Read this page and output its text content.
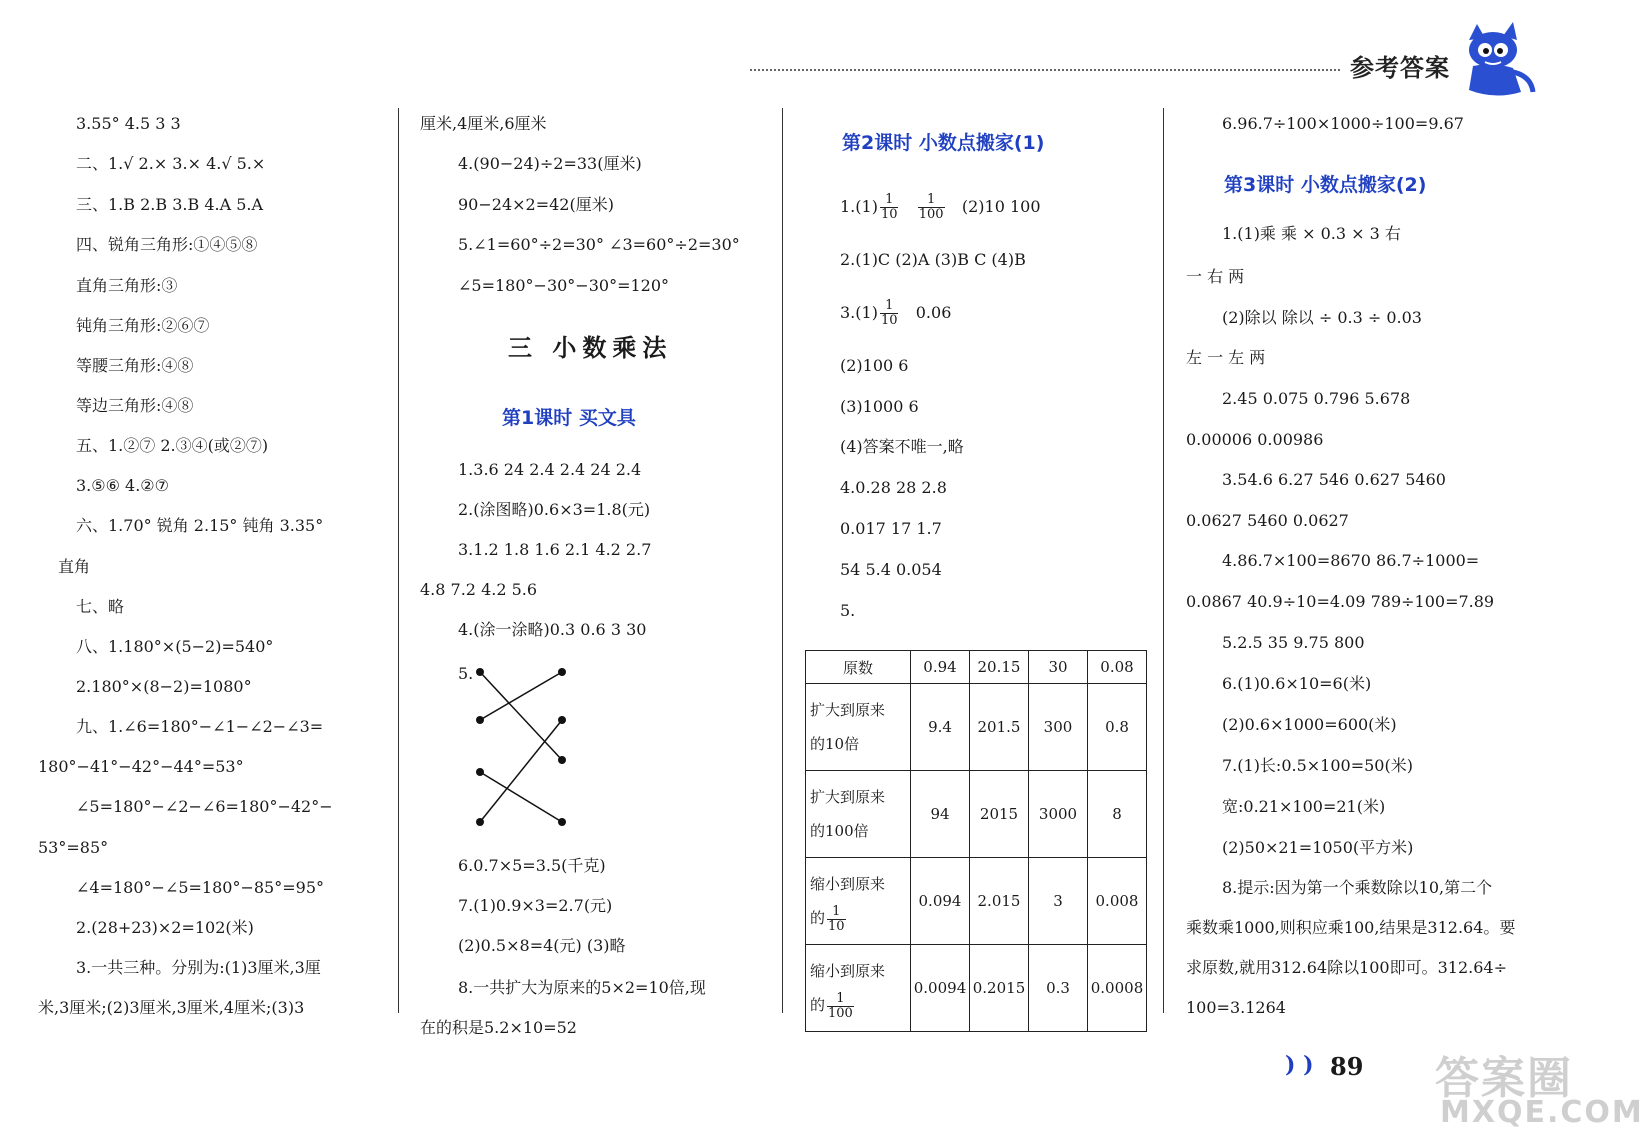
参考答案
3.55° 4.5 3 3
二、1.√ 2.× 3.× 4.√ 5.×
三、1.B 2.B 3.B 4.A 5.A
四、锐角三角形:①④⑤⑧
直角三角形:③
钝角三角形:②⑥⑦
等腰三角形:④⑧
等边三角形:④⑧
五、1.②⑦ 2.③④(或②⑦)
3.⑤⑥ 4.②⑦
六、1.70° 锐角 2.15° 钝角 3.35°
直角
七、略
八、1.180°×(5−2)=540°
2.180°×(8−2)=1080°
九、1.∠6=180°−∠1−∠2−∠3=
180°−41°−42°−44°=53°
∠5=180°−∠2−∠6=180°−42°−
53°=85°
∠4=180°−∠5=180°−85°=95°
2.(28+23)×2=102(米)
3.一共三种。分别为:(1)3厘米,3厘
米,3厘米;(2)3厘米,3厘米,4厘米;(3)3
厘米,4厘米,6厘米
4.(90−24)÷2=33(厘米)
90−24×2=42(厘米)
5.∠1=60°÷2=30° ∠3=60°÷2=30°
∠5=180°−30°−30°=120°
三 小数乘法
第1课时 买文具
1.3.6 24 2.4 2.4 24 2.4
2.(涂图略)0.6×3=1.8(元)
3.1.2 1.8 1.6 2.1 4.2 2.7
4.8 7.2 4.2 5.6
4.(涂一涂略)0.3 0.6 3 30
5.
6.0.7×5=3.5(千克)
7.(1)0.9×3=2.7(元)
(2)0.5×8=4(元) (3)略
8.一共扩大为原来的5×2=10倍,现
在的积是5.2×10=52
第2课时 小数点搬家(1)
$1.(1) \frac{1}{10}$
$\frac{1}{100} (2)10$ 100
2.(1)C (2)A (3)B C (4)B
$3.(1) \frac{1}{10} 0.06$
(2)100 6
(3)1000 6
(4)答案不唯一,略
4.0.28 28 2.8
0.017 17 1.7
54 5.4 0.054
5.
原数	0.94	20.15	30	0.08
扩大到原来
的10倍	9.4	201.5	300	0.8
扩大到原来
的100倍	94	2015	3000	8
缩小到原来
的 $\frac{1}{10}$	0.094	2.015	3	0.008
缩小到原来
的 $\frac{1}{100}$	0.0094	0.2015	0.3	0.0008
6.96.7÷100×1000÷100=9.67
第3课时 小数点搬家(2)
1.(1)乘 乘 × 0.3 × 3 右
一 右 两
(2)除以 除以 ÷ 0.3 ÷ 0.03
左 一 左 两
2.45 0.075 0.796 5.678
0.00006 0.00986
3.54.6 6.27 546 0.627 5460
0.0627 5460 0.0627
4.86.7×100=8670 86.7÷1000=
0.0867 40.9÷10=4.09 789÷100=7.89
5.2.5 35 9.75 800
6.(1)0.6×10=6(米)
(2)0.6×1000=600(米)
7.(1)长:0.5×100=50(米)
宽:0.21×100=21(米)
(2)50×21=1050(平方米)
8.提示:因为第一个乘数除以10,第二个
乘数乘1000,则积应乘100,结果是312.64。要
求原数,就用312.64除以100即可。312.64÷
100=3.1264
) ) 89 答案圈
MXQE.COM
